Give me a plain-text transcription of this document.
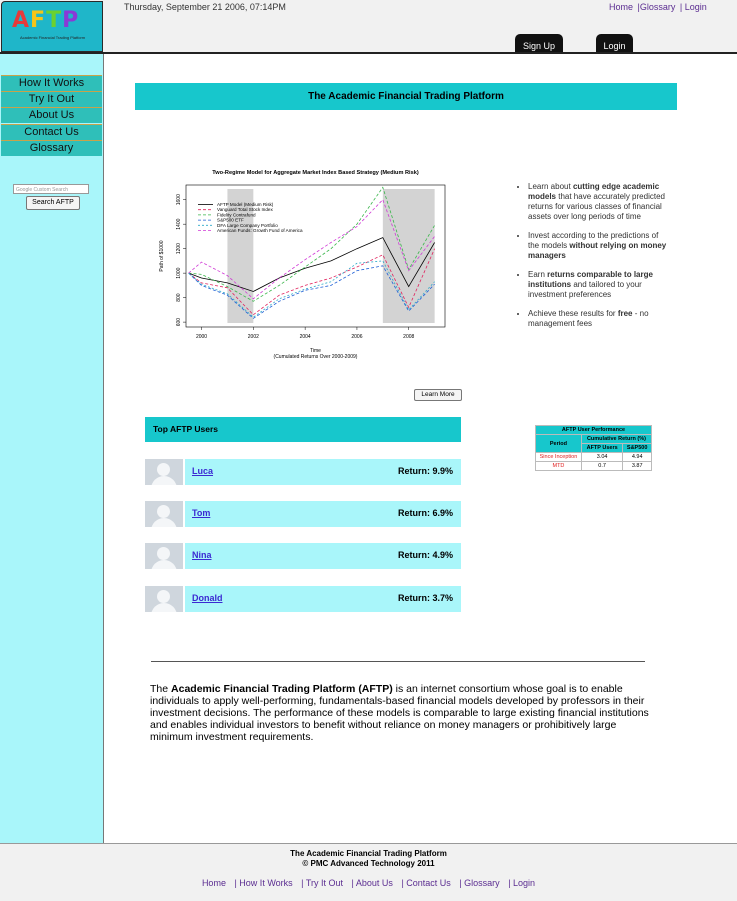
AFTP
Academic Financial Trading Platform
Thursday, September 21 2006, 07:14PM	Home |Glossary | Login
Sign Up	Login
How It Works
Try It Out
About Us
Contact Us
Glossary
Google Custom Search
Search AFTP
The Academic Financial Trading Platform
Two-Regime Model for Aggregate Market Index Based Strategy (Medium Risk)
2000	2002	2004	2006	2008
600
800
1000
1200
1400
1600
Time
(Cumulated Returns Over 2000-2009)
Path of $1000
AFTP Model (Medium Risk)
Vanguard Total Stock Index
Fidelity Contrafund
S&P500 ETF
DFA Large Company Portfolio
American Funds: Growth Fund of America
• Learn about cutting edge academic models that have accurately predicted returns for various classes of financial assets over long periods of time
• Invest according to the predictions of the models without relying on money managers
• Earn returns comparable to large institutions and tailored to your investment preferences
• Achieve these results for free - no management fees
Learn More
Top AFTP Users
Luca	Return: 9.9%
Tom	Return: 6.9%
Nina	Return: 4.9%
Donald	Return: 3.7%
AFTP User Performance		
Period	Cumulative Return (%)	
	AFTP Users	S&P500
Since Inception	3.04	4.94
MTD	0.7	3.87
The Academic Financial Trading Platform (AFTP) is an internet consortium whose goal is to enable individuals to apply well-performing, fundamentals-based financial models developed by professors in their investment decisions. The performance of these models is comparable to large existing financial institutions and enables individual investors to benefit without reliance on money managers or prohibitively large minimum investment requirements.
The Academic Financial Trading Platform
© PMC Advanced Technology 2011
Home | How It Works | Try It Out | About Us | Contact Us | Glossary | Login
